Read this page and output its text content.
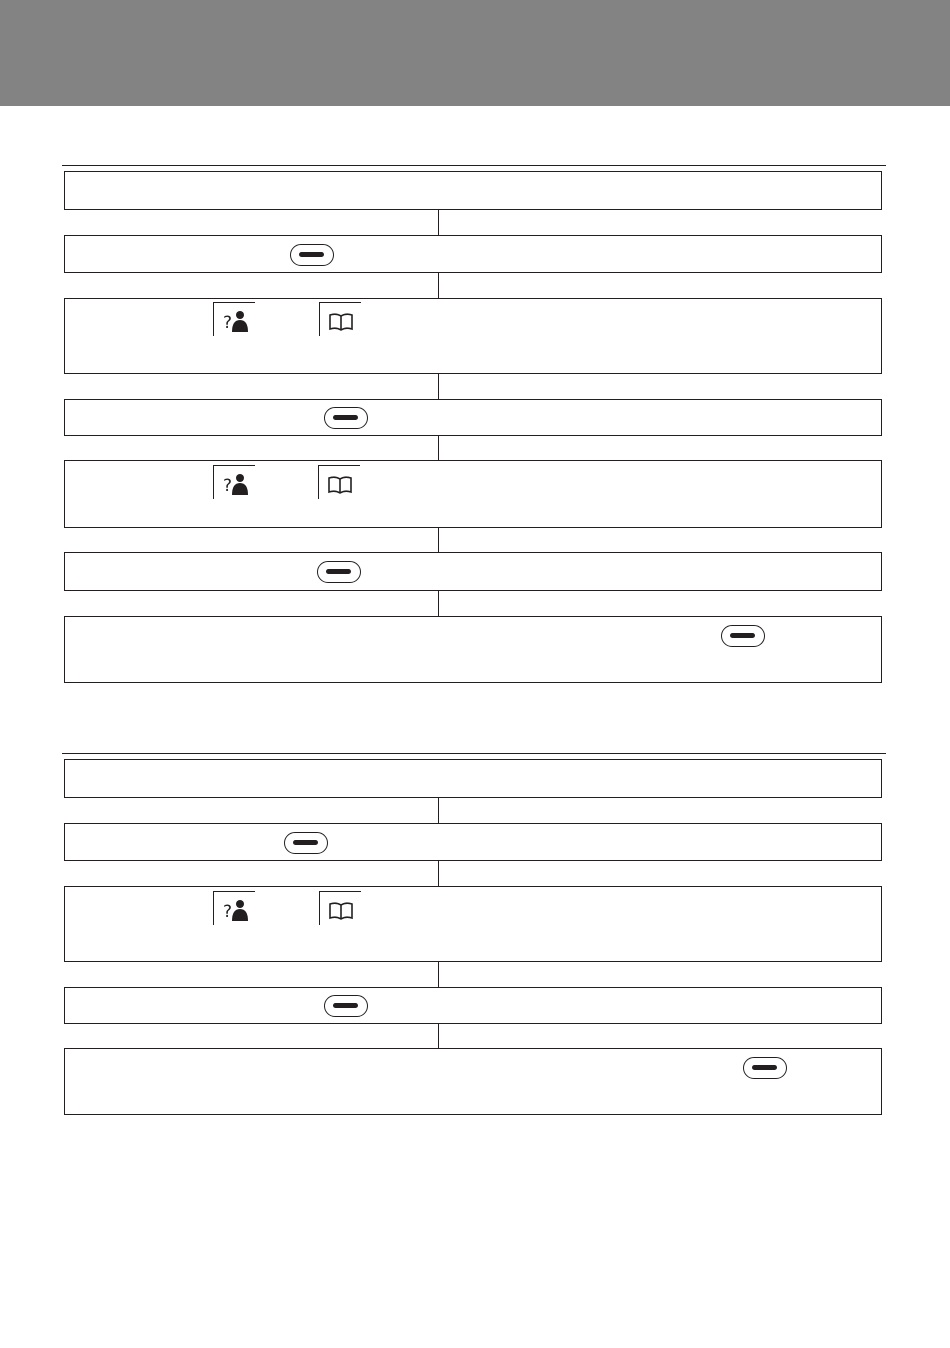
?
?
?
